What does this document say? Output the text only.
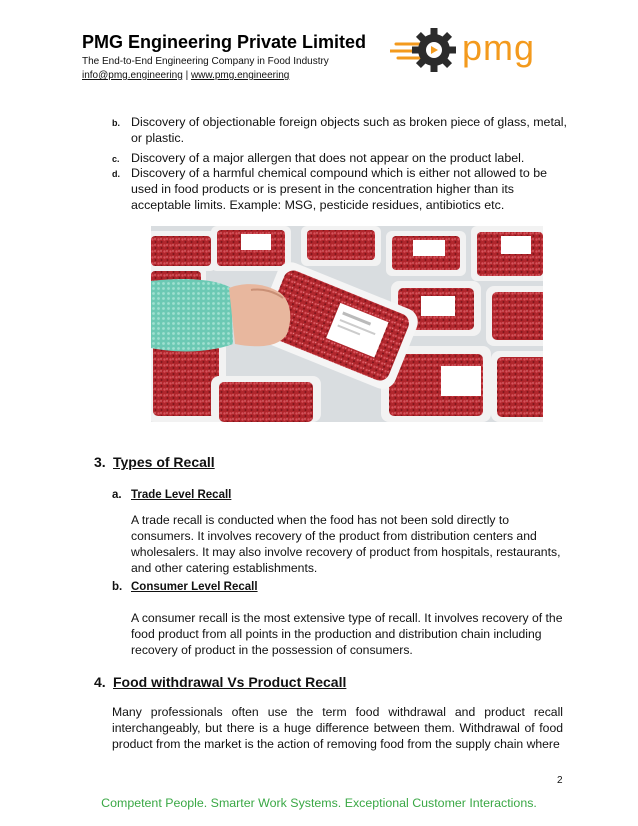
PMG Engineering Private Limited
The End-to-End Engineering Company in Food Industry
info@pmg.engineering | www.pmg.engineering
pmg
b. Discovery of objectionable foreign objects such as broken piece of glass, metal, or plastic.
c. Discovery of a major allergen that does not appear on the product label.
d. Discovery of a harmful chemical compound which is either not allowed to be used in food products or is present in the concentration higher than its acceptable limits. Example: MSG, pesticide residues, antibiotics etc.
3. Types of Recall
a. Trade Level Recall
A trade recall is conducted when the food has not been sold directly to consumers. It involves recovery of the product from distribution centers and wholesalers. It may also involve recovery of product from hospitals, restaurants, and other catering establishments.
b. Consumer Level Recall
A consumer recall is the most extensive type of recall. It involves recovery of the food product from all points in the production and distribution chain including recovery of product in the possession of consumers.
4. Food withdrawal Vs Product Recall
Many professionals often use the term food withdrawal and product recall interchangeably, but there is a huge difference between them. Withdrawal of food product from the market is the action of removing food from the supply chain where
2
Competent People. Smarter Work Systems. Exceptional Customer Interactions.
